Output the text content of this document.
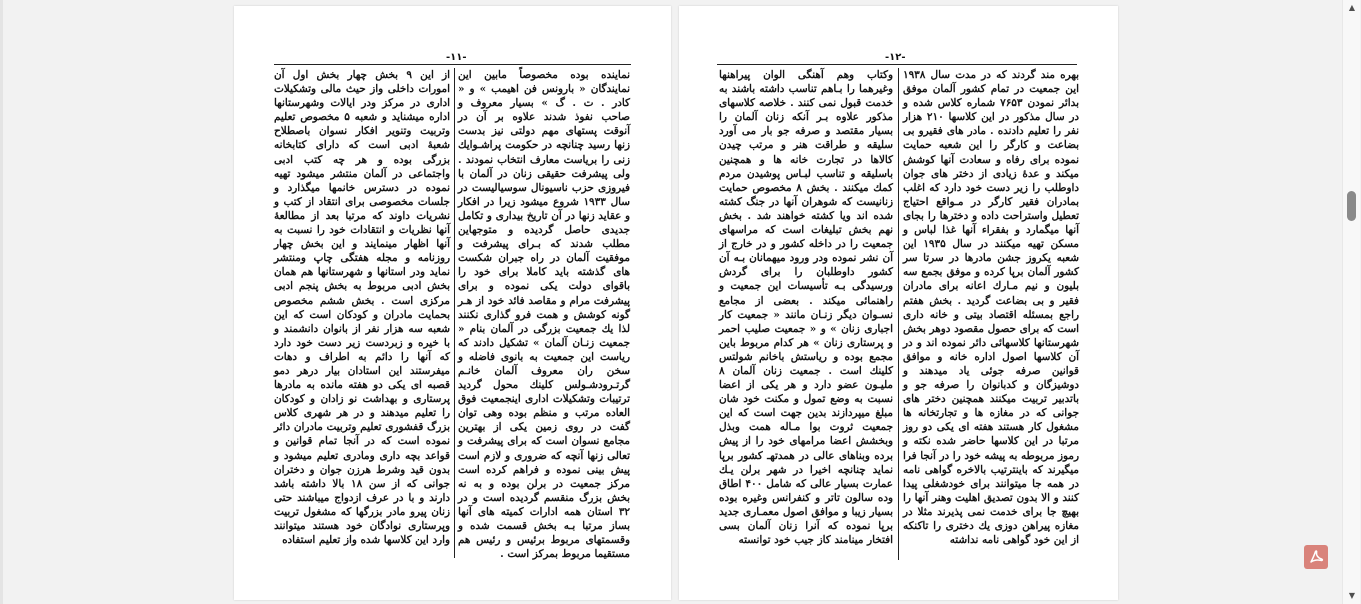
-۱۱-
نمایندە بودە مخصوصاً مابین این نمایندگان « بارونس فن اهیمب » و « کادر . ت . گ » بسیار معروف و صاحب نفوذ شدند علاوه بر آن در آنوقت پستهای مهم دولتی نیز بدست زنها رسید چنانچه در حکومت پراشـوایك زنی را بریاست معارف انتخاب نمودند . ولی پیشرفت حقیقی زنان در آلمان با فیروزی حزب ناسیونال سوسیالیست در سال ۱۹۳۳ شروع میشود زیرا در افکار و عقاید زنها در آن تاریخ بیداری و تکامل جدیدی حاصل گردیده و متوجهاین مطلب شدند که بـرای پیشرفت و موفقیت آلمان در راه جبران شکست های گذشته باید کاملا برای خود را باقوای دولت یکی نموده و برای پیشرفت مرام و مقاصد فائد خود از هـر گونه کوشش و همت فرو گذاری نکنند لذا یك جمعیت بزرگی در آلمان بنام « جمعیت زنـان آلمان » تشکیل دادند که ریاست این جمعیت به بانوی فاضله و سخن ران معروف آلمان خانـم گرتـرودشـولس کلینك محول گردید ترتیبات وتشکیلات اداری اینجمعیت فوق العاده مرتب و منظم بوده وهی توان گفت در روی زمین یکی از بهترین مجامع نسوان است که برای پیشرفت و تعالی زنها آنچه که ضروری و لازم است پیش بینی نموده و فراهم کرده است مرکز جمعیت در برلن بوده و به نه بخش بزرگ منقسم گردیده است و در ۳۲ استان همه ادارات کمیته های آنها بساز مرتبا بـه بخش قسمت شده و وقسمتهای مربوط برئیس و رئیس هم مستقیما مربوط بمرکز است .
از این ۹ بخش چهار بخش اول آن امورات داخلی واز حیث مالی وتشکیلات اداری در مرکز ودر ایالات وشهرستانها اداره میشناید و شعبه ۵ مخصوص تعلیم وتربیت وتنویر افکار نسوان باصطلاح شعبهٔ ادبی است که دارای کتابخانه بزرگی بوده و هر چه کتب ادبی واجتماعی در آلمان منتشر میشود تهیه نموده در دسترس خانمها میگذارد و جلسات مخصوصی برای انتقاد از کتب و نشریات داوند که مرتبا بعد از مطالعهٔ آنها نظریات و انتقادات خود را نسبت به آنها اظهار مینمایند و این بخش چهار روزنامه و مجله هفتگی چاپ ومنتشر نماید ودر استانها و شهرستانها هم همان بخش ادبی مربوط به بخش پنجم ادبی مرکزی است . بخش ششم مخصوص بحمایت مادران و کودکان است که این شعبه سه هزار نفر از بانوان دانشمند و با خیره و زبردست زیر دست خود دارد که آنها را دائم به اطراف و دهات میفرستند این استادان بیار درهر دمو قصبه ای یکی دو هفته مانده به مادرها پرستاری و بهداشت نو زادان و کودکان را تعلیم میدهند و در هر شهری کلاس بزرگ قفشوری تعلیم وتربیت مادران دائر نموده است که در آنجا تمام قوانین و قواعد بچه داری ومادری تعلیم میشود و بدون قید وشرط هرزن جوان و دختران جوانی که از سن ۱۸ بالا داشته باشد دارند و با در عرف ازدواج میباشند حتی زنان پیرو مادر بزرگها که مشغول تربیت وپرستاری نوادگان خود هستند میتوانند وارد این کلاسها شده واز تعلیم استفاده
-۱۲-
بهره مند گردند که در مدت سال ۱۹۳۸ این جمعیت در تمام کشور آلمان موفق بدائر نمودن ۷۶۵۳ شماره کلاس شده و در سال مذکور در این کلاسها ۲۱۰ هزار نفر را تعلیم دادندە . مادر های فقیرو بی بضاعت و کارگر را این شعبه حمایت نموده برای رفاه و سعادت آنها کوشش میکند و عدهٔ زیادی از دختر های جوان داوطلب را زیر دست خود دارد که اغلب بمادران فقیر کارگر در مـواقع احتیاج تعطیل واستراحت داده و دخترها را بجای آنها میگمارد و بفقراء آنها غذا لباس و مسکن تهیه میکنند در سال ۱۹۳۵ این شعبه یکروز جشن مادرها در سرتا سر کشور آلمان برپا کرده و موفق بجمع سه بلیون و نیم مـارك اعانه برای مادران فقیر و بی بضاعت گردید . بخش هفتم راجع بمسئله اقتصاد بیتی و خانه داری است که برای حصول مقصود دوهر بخش شهرستانها کلاسهائی دائر نموده اند و در آن کلاسها اصول اداره خانه و موافق قوانین صرفه جوئی یاد میدهند و دوشیزگان و کدبانوان را صرفه جو و باتدبیر تربیت میکنند همچنین دختر های جوانی که در مغازه ها و تجارتخانه ها مشغول کار هستند هفته ای یکی دو روز مرتبا در این کلاسها حاضر شده نکته و رموز مربوطه به پیشه خود را در آنجا فرا میگیرند که باینترتیب بالاخره گواهی نامه در همه جا میتوانند برای خودشغلی پیدا کنند و الا بدون تصدیق اهلیت وهنر آنها را بهیچ جا برای خدمت نمی پذیرند مثلا در مغازه پیراهن دوزی یك دختری را تاکنکه از این خود گواهی نامه نداشته
وکتاب وهم آهنگی الوان پیراهنها وغیرهما را بـاهم تناسب داشته باشند به خدمت قبول نمی کنند . خلاصه کلاسهای مذکور علاوه بـر آنکه زنان آلمان را بسیار مقتصد و صرفه جو بار می آورد سلیقه و طراقت هنر و مرتب چیدن کالاها در تجارت خانه ها و همچنین باسلیقه و تناسب لبـاس پوشیدن مردم کمك میکنند . بخش ۸ مخصوص حمایت زنانیست که شوهران آنها در جنگ کشته شده اند ویا کشته خواهند شد . بخش نهم بخش تبلیغات است که مراسهای جمعیت را در داخله کشور و در خارج از آن نشر نموده ودر ورود میهمانان بـه آن کشور داوطلبان را برای گردش ورسیدگی بـه تأسیسات این جمعیت و راهنمائی میکند . بعضی از مجامع نسـوان دیگر زنـان مانند « جمعیت کار اجباری زنان » و « جمعیت صلیب احمر و پرستاری زنان » هر کدام مربوط باین مجمع بوده و ریاستش باخانم شولتس کلینك است . جمعیت زنان آلمان ۸ ملیـون عضو دارد و هر یکی از اعضا نسبت به وضع تمول و مکنت خود شان مبلغ میپردازند بدین جهت است که این جمعیت ثروت بوا مـاله همت وبذل وبخشش اعضا مرامهای خود را از پیش برده وبناهای عالی در همدتهـ کشور برپا نماید چنانچه اخیرا در شهر برلن یـك عمارت بسیار عالی که شامل ۴۰۰ اطاق وده سالون تاتر و کنفرانس وغیره بوده بسیار زیبا و موافق اصول معمـاری جدید برپا نموده که آنرا زنان آلمان بسی افتخار مینامند کاز جیب خود توانسته
▲
▼
